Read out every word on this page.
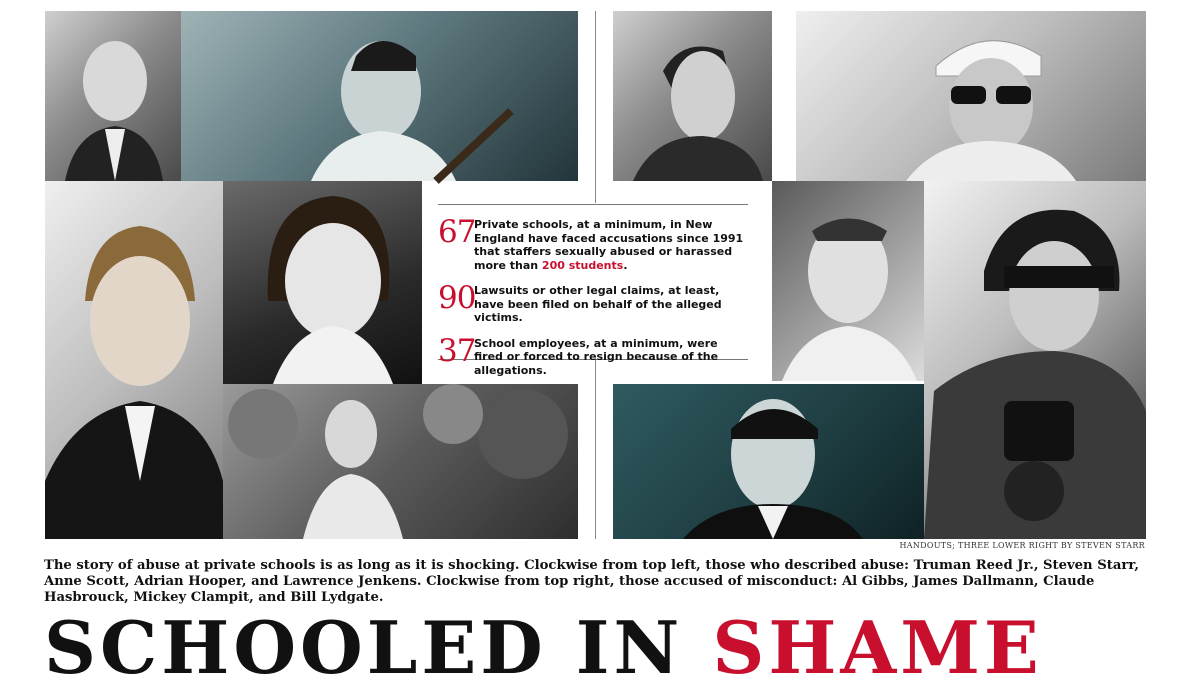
67
Private schools, at a minimum, in New England have faced accusations since 1991 that staffers sexually abused or harassed more than 200 students.
90
Lawsuits or other legal claims, at least, have been filed on behalf of the alleged victims.
37
School employees, at a minimum, were fired or forced to resign because of the allegations.
HANDOUTS; THREE LOWER RIGHT BY STEVEN STARR
The story of abuse at private schools is as long as it is shocking. Clockwise from top left, those who described abuse: Truman Reed Jr., Steven Starr, Anne Scott, Adrian Hooper, and Lawrence Jenkens. Clockwise from top right, those accused of misconduct: Al Gibbs, James Dallmann, Claude Hasbrouck, Mickey Clampit, and Bill Lydgate.
SCHOOLED IN SHAME
